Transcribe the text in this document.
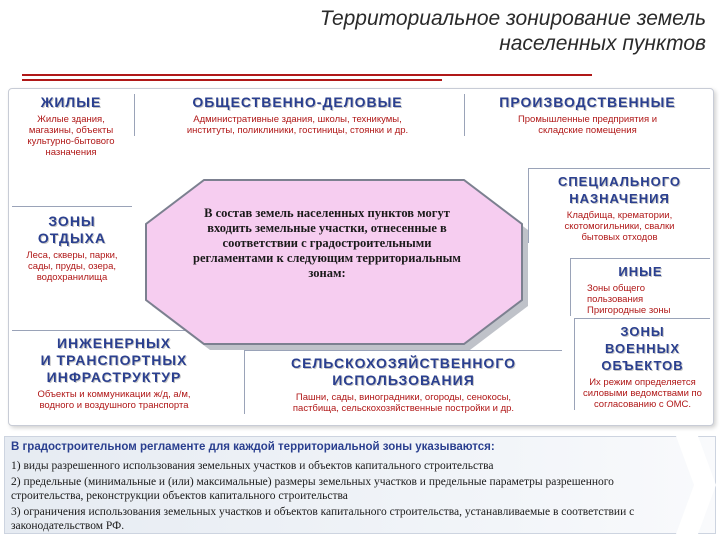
Территориальное зонирование земель
населенных пунктов
ЖИЛЫЕ
Жилые здания, магазины, объекты культурно-бытового назначения
ОБЩЕСТВЕННО-ДЕЛОВЫЕ
Административные здания, школы, техникумы, институты, поликлиники, гостиницы, стоянки и др.
ПРОИЗВОДСТВЕННЫЕ
Промышленные предприятия и складские помещения
СПЕЦИАЛЬНОГО
НАЗНАЧЕНИЯ
Кладбища, крематории, скотомогильники, свалки бытовых отходов
ЗОНЫ
ОТДЫХА
Леса, скверы, парки, сады, пруды, озера, водохранилища	ИНЫЕ
Зоны общего пользования Пригородные зоны
ИНЖЕНЕРНЫХ
И ТРАНСПОРТНЫХ
ИНФРАСТРУКТУР
Объекты и коммуникации ж/д, а/м, водного и воздушного транспорта
СЕЛЬСКОХОЗЯЙСТВЕННОГО
ИСПОЛЬЗОВАНИЯ
Пашни, сады, виноградники, огороды, сенокосы, пастбища, сельскохозяйственные постройки и др.
ЗОНЫ
ВОЕННЫХ
ОБЪЕКТОВ
Их режим определяется силовыми ведомствами по согласованию с ОМС.
В состав земель населенных пунктов могут входить земельные участки, отнесенные в соответствии с градостроительными регламентами к следующим территориальным зонам:
В градостроительном регламенте для каждой территориальной зоны указываются:
1) виды разрешенного использования земельных участков и объектов капитального строительства
2) предельные (минимальные и (или) максимальные) размеры земельных участков и предельные параметры разрешенного строительства, реконструкции объектов капитального строительства
3) ограничения использования земельных участков и объектов капитального строительства, устанавливаемые в соответствии с законодательством РФ.
